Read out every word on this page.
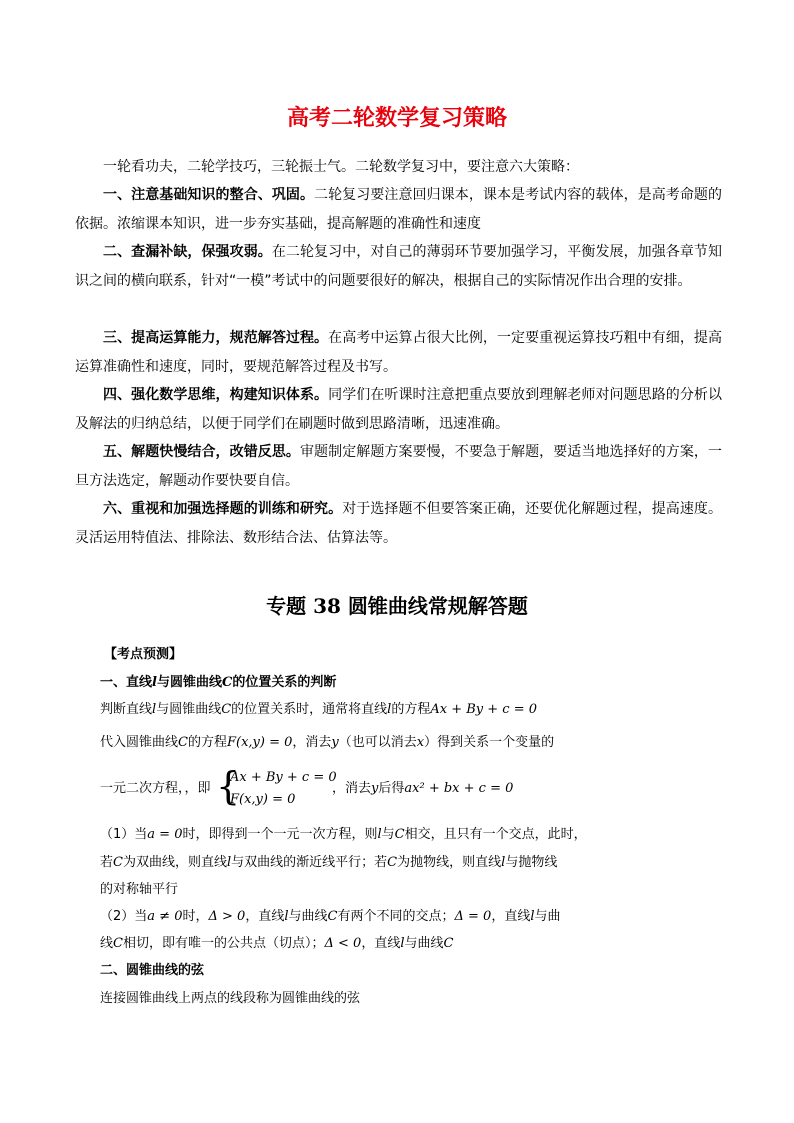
高考二轮数学复习策略
一轮看功夫，二轮学技巧，三轮振士气。二轮数学复习中，要注意六大策略：
一、注意基础知识的整合、巩固。二轮复习要注意回归课本，课本是考试内容的载体，是高考命题的依据。浓缩课本知识，进一步夯实基础，提高解题的准确性和速度
二、查漏补缺，保强攻弱。在二轮复习中，对自己的薄弱环节要加强学习，平衡发展，加强各章节知识之间的横向联系，针对“一模”考试中的问题要很好的解决，根据自己的实际情况作出合理的安排。
三、提高运算能力，规范解答过程。在高考中运算占很大比例，一定要重视运算技巧粗中有细，提高运算准确性和速度，同时，要规范解答过程及书写。
四、强化数学思维，构建知识体系。同学们在听课时注意把重点要放到理解老师对问题思路的分析以及解法的归纳总结，以便于同学们在刷题时做到思路清晰，迅速准确。
五、解题快慢结合，改错反思。审题制定解题方案要慢，不要急于解题，要适当地选择好的方案，一旦方法选定，解题动作要快要自信。
六、重视和加强选择题的训练和研究。对于选择题不但要答案正确，还要优化解题过程，提高速度。灵活运用特值法、排除法、数形结合法、估算法等。
专题 38 圆锥曲线常规解答题
【考点预测】
一、直线l与圆锥曲线C的位置关系的判断
判断直线l与圆锥曲线C的位置关系时，通常将直线l的方程Ax + By + c = 0
代入圆锥曲线C的方程F(x,y) = 0，消去y（也可以消去x）得到关系一个变量的
一元二次方程，，即 {
Ax + By + c = 0
F(x,y) = 0
，消去y后得ax² + bx + c = 0
（1）当a = 0时，即得到一个一元一次方程，则l与C相交，且只有一个交点，此时，
若C为双曲线，则直线l与双曲线的渐近线平行；若C为抛物线，则直线l与抛物线
的对称轴平行
（2）当a ≠ 0时，Δ > 0，直线l与曲线C有两个不同的交点；Δ = 0，直线l与曲
线C相切，即有唯一的公共点（切点）；Δ < 0，直线l与曲线C
二、圆锥曲线的弦
连接圆锥曲线上两点的线段称为圆锥曲线的弦
